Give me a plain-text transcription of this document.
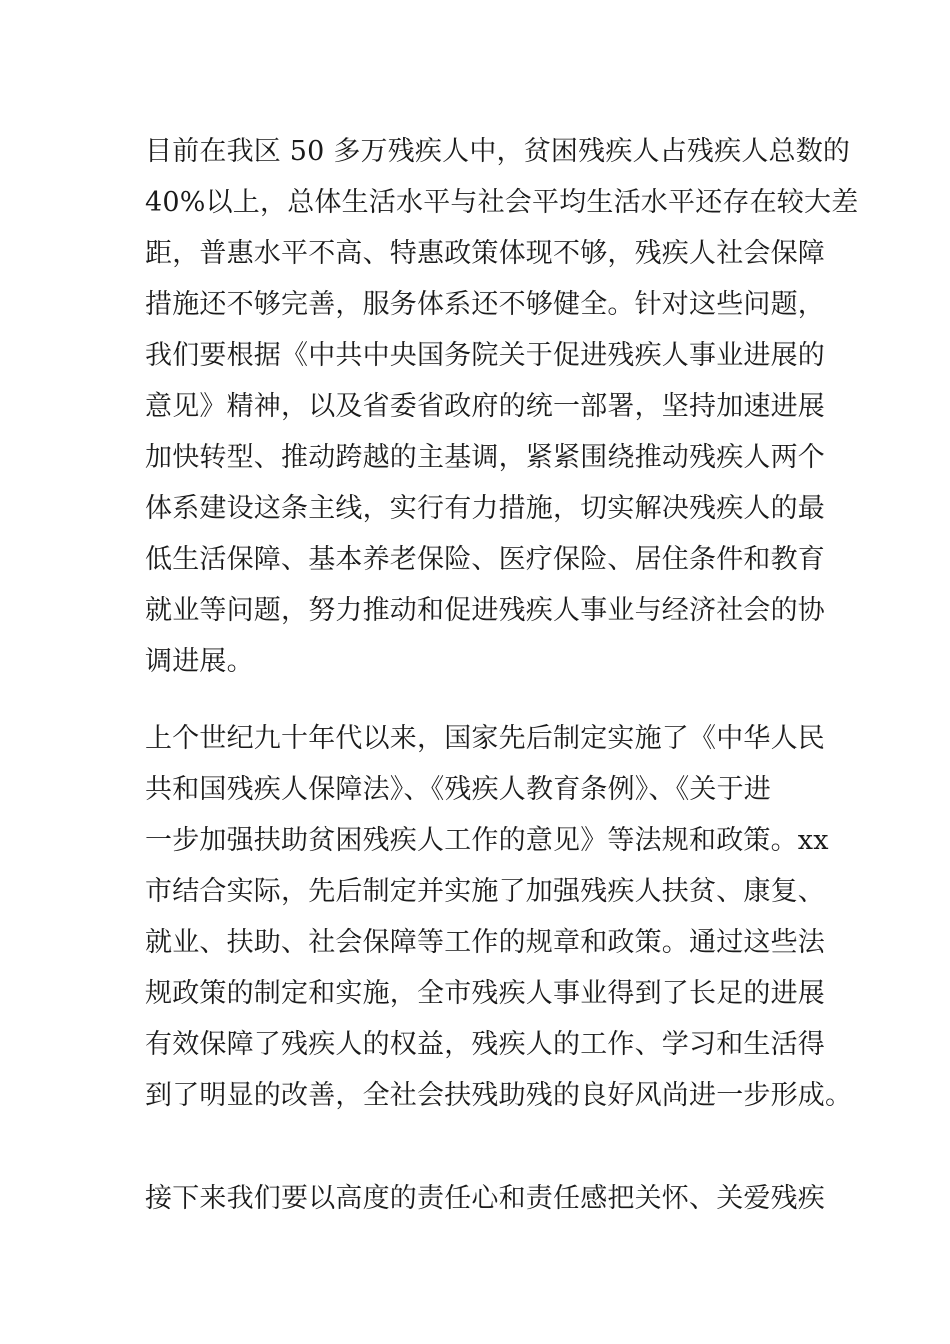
目前在我区 50 多万残疾人中，贫困残疾人占残疾人总数的
40%以上，总体生活水平与社会平均生活水平还存在较大差
距，普惠水平不高、特惠政策体现不够，残疾人社会保障
措施还不够完善，服务体系还不够健全。针对这些问题，
我们要根据《中共中央国务院关于促进残疾人事业进展的
意见》精神，以及省委省政府的统一部署，坚持加速进展
加快转型、推动跨越的主基调，紧紧围绕推动残疾人两个
体系建设这条主线，实行有力措施，切实解决残疾人的最
低生活保障、基本养老保险、医疗保险、居住条件和教育
就业等问题，努力推动和促进残疾人事业与经济社会的协
调进展。
上个世纪九十年代以来，国家先后制定实施了《中华人民
共和国残疾人保障法》、《残疾人教育条例》、《关于进
一步加强扶助贫困残疾人工作的意见》等法规和政策。xx
市结合实际，先后制定并实施了加强残疾人扶贫、康复、
就业、扶助、社会保障等工作的规章和政策。通过这些法
规政策的制定和实施，全市残疾人事业得到了长足的进展
有效保障了残疾人的权益，残疾人的工作、学习和生活得
到了明显的改善，全社会扶残助残的良好风尚进一步形成。
接下来我们要以高度的责任心和责任感把关怀、关爱残疾
